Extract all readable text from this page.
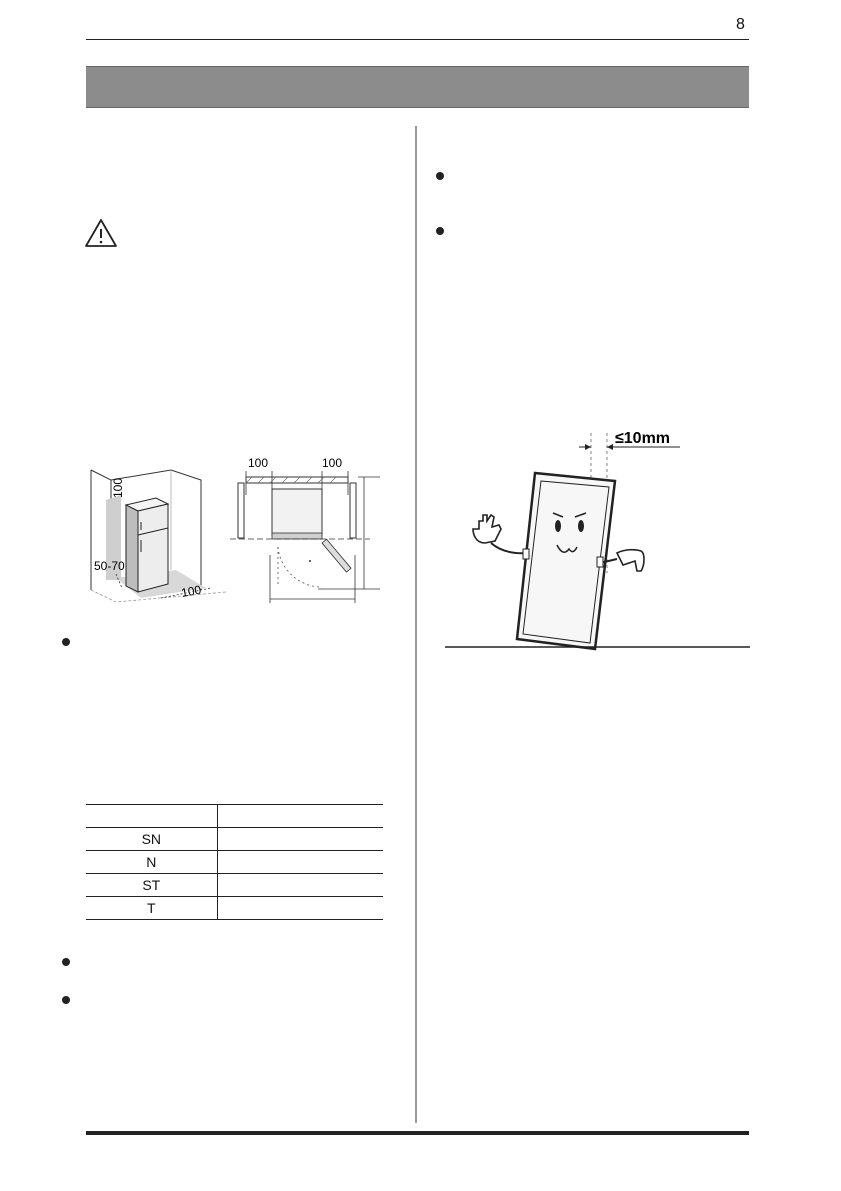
8
100
50-70
100
100	100
≤10mm

SN	
N	
ST	
T	
